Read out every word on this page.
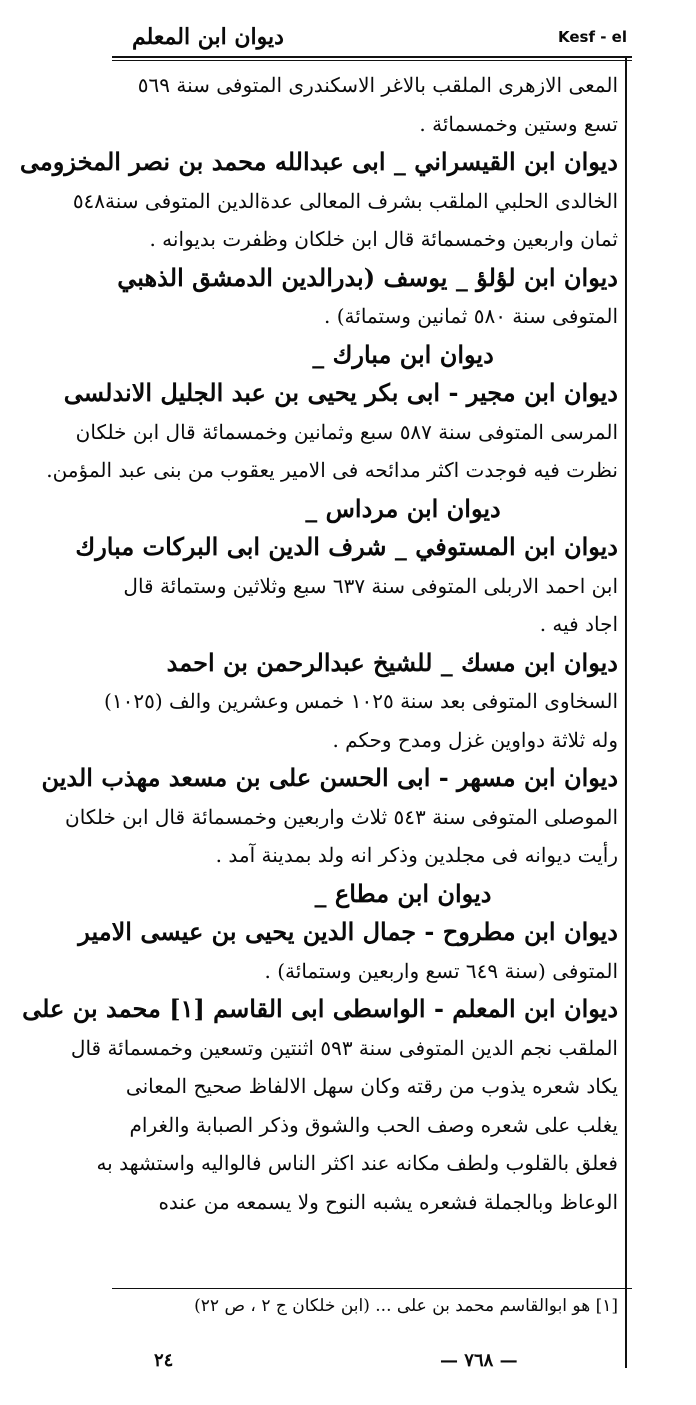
ديوان ابن المعلم	Kesf - el
المعى الازهرى الملقب بالاغر الاسكندرى المتوفى سنة ٥٦٩
تسع وستين وخمسمائة .
ديوان ابن القيسراني _ ابى عبدالله محمد بن نصر المخزومى
الخالدى الحلبي الملقب بشرف المعالى عدةالدين المتوفى سنة٥٤٨
ثمان واربعين وخمسمائة قال ابن خلكان وظفرت بديوانه .
ديوان ابن لؤلؤ _ يوسف (بدرالدين الدمشق الذهبي
المتوفى سنة ٥٨٠ ثمانين وستمائة) .
ديوان ابن مبارك _
ديوان ابن مجير - ابى بكر يحيى بن عبد الجليل الاندلسى
المرسى المتوفى سنة ٥٨٧ سبع وثمانين وخمسمائة قال ابن خلكان
نظرت فيه فوجدت اكثر مدائحه فى الامير يعقوب من بنى عبد المؤمن.
ديوان ابن مرداس _
ديوان ابن المستوفي _ شرف الدين ابى البركات مبارك
ابن احمد الاربلى المتوفى سنة ٦٣٧ سبع وثلاثين وستمائة قال
اجاد فيه .
ديوان ابن مسك _ للشيخ عبدالرحمن بن احمد
السخاوى المتوفى بعد سنة ١٠٢٥ خمس وعشرين والف (١٠٢٥)
وله ثلاثة دواوين غزل ومدح وحكم .
ديوان ابن مسهر - ابى الحسن على بن مسعد مهذب الدين
الموصلى المتوفى سنة ٥٤٣ ثلاث واربعين وخمسمائة قال ابن خلكان
رأيت ديوانه فى مجلدين وذكر انه ولد بمدينة آمد .
ديوان ابن مطاع _
ديوان ابن مطروح - جمال الدين يحيى بن عيسى الامير
المتوفى (سنة ٦٤٩ تسع واربعين وستمائة) .
ديوان ابن المعلم - الواسطى ابى القاسم [١] محمد بن على
الملقب نجم الدين المتوفى سنة ٥٩٣ اثنتين وتسعين وخمسمائة قال
يكاد شعره يذوب من رقته وكان سهل الالفاظ صحيح المعانى
يغلب على شعره وصف الحب والشوق وذكر الصبابة والغرام
فعلق بالقلوب ولطف مكانه عند اكثر الناس فالواليه واستشهد به
الوعاظ وبالجملة فشعره يشبه النوح ولا يسمعه من عنده
[١] هو ابوالقاسم محمد بن على ... (ابن خلكان ج ٢ ، ص ٢٢)
٢٤	— ٧٦٨ —
